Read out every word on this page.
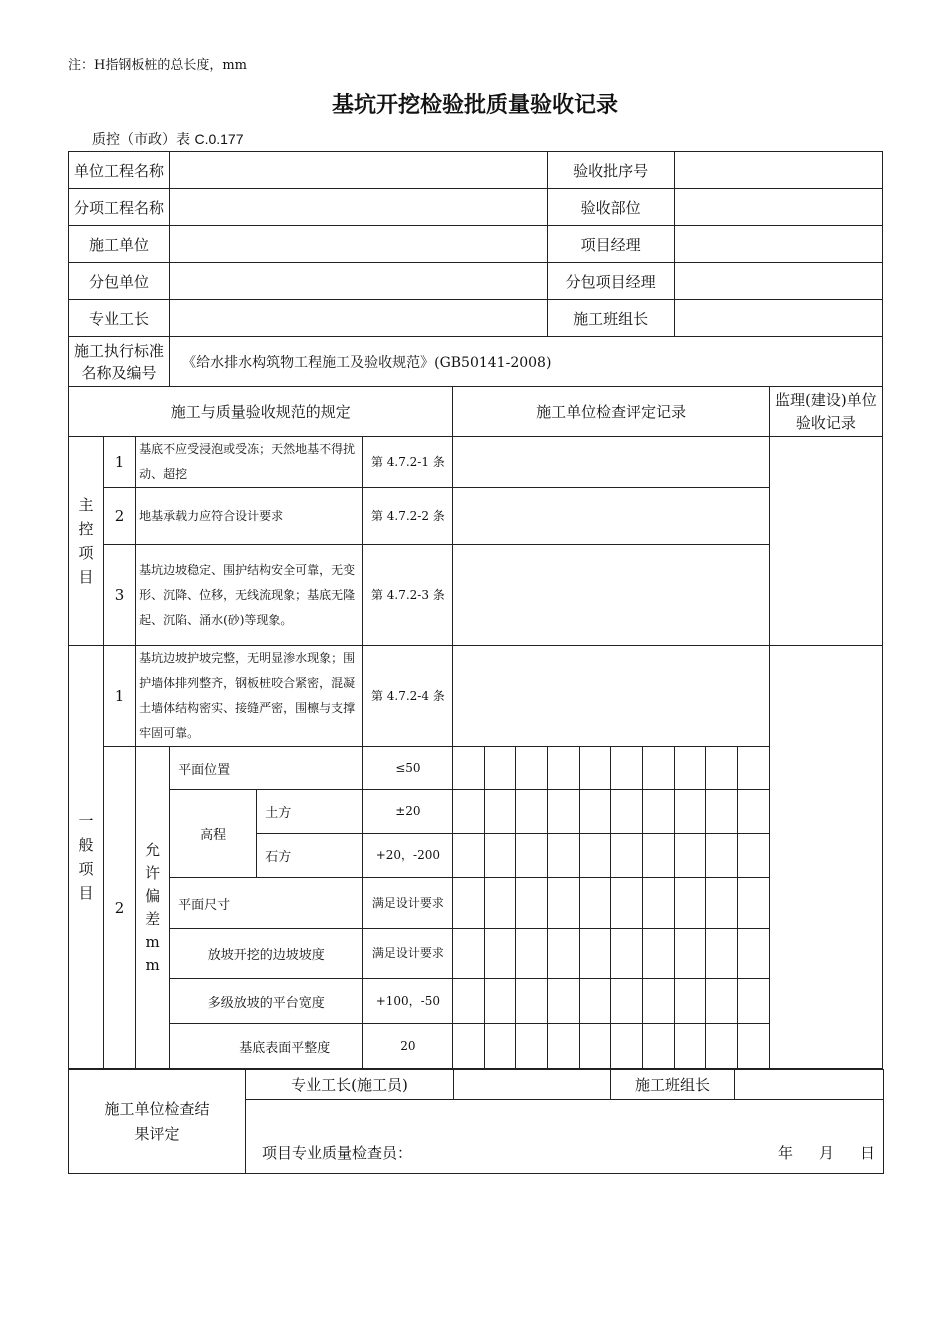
注：H指钢板桩的总长度，mm
基坑开挖检验批质量验收记录
质控（市政）表 C.0.177
单位工程名称									验收批序号							
分项工程名称									验收部位							
施工单位									项目经理							
分包单位									分包项目经理							
专业工长									施工班组长							
施工执行标准名称及编号			《给水排水构筑物工程施工及验收规范》(GB50141-2008)													
施工与质量验收规范的规定						施工单位检查评定记录										监理(建设)单位验收记录

主控项目	1	基底不应受浸泡或受冻；天然地基不得扰动、超挖			第 4.7.2-1 条											
	2	地基承载力应符合设计要求			第 4.7.2-2 条											
	3	基坑边坡稳定、围护结构安全可靠，无变形、沉降、位移，无线流现象；基底无隆起、沉陷、涌水(砂)等现象。			第 4.7.2-3 条											

一般项目	1	基坑边坡护坡完整，无明显渗水现象；围护墙体排列整齐，钢板桩咬合紧密，混凝土墙体结构密实、接缝严密，围檩与支撑牢固可靠。			第 4.7.2-4 条											
	2	允许偏差mm	平面位置		≤50											
			高程	土方	±20											
				石方	+20，-200											
			平面尺寸		满足设计要求											
			放坡开挖的边坡坡度		满足设计要求											
			多级放坡的平台宽度		+100，-50											
			基底表面平整度		20											
施工单位检查结果评定
	专业工长(施工员)		施工班组长	

项目专业质量检查员：	年 月 日
